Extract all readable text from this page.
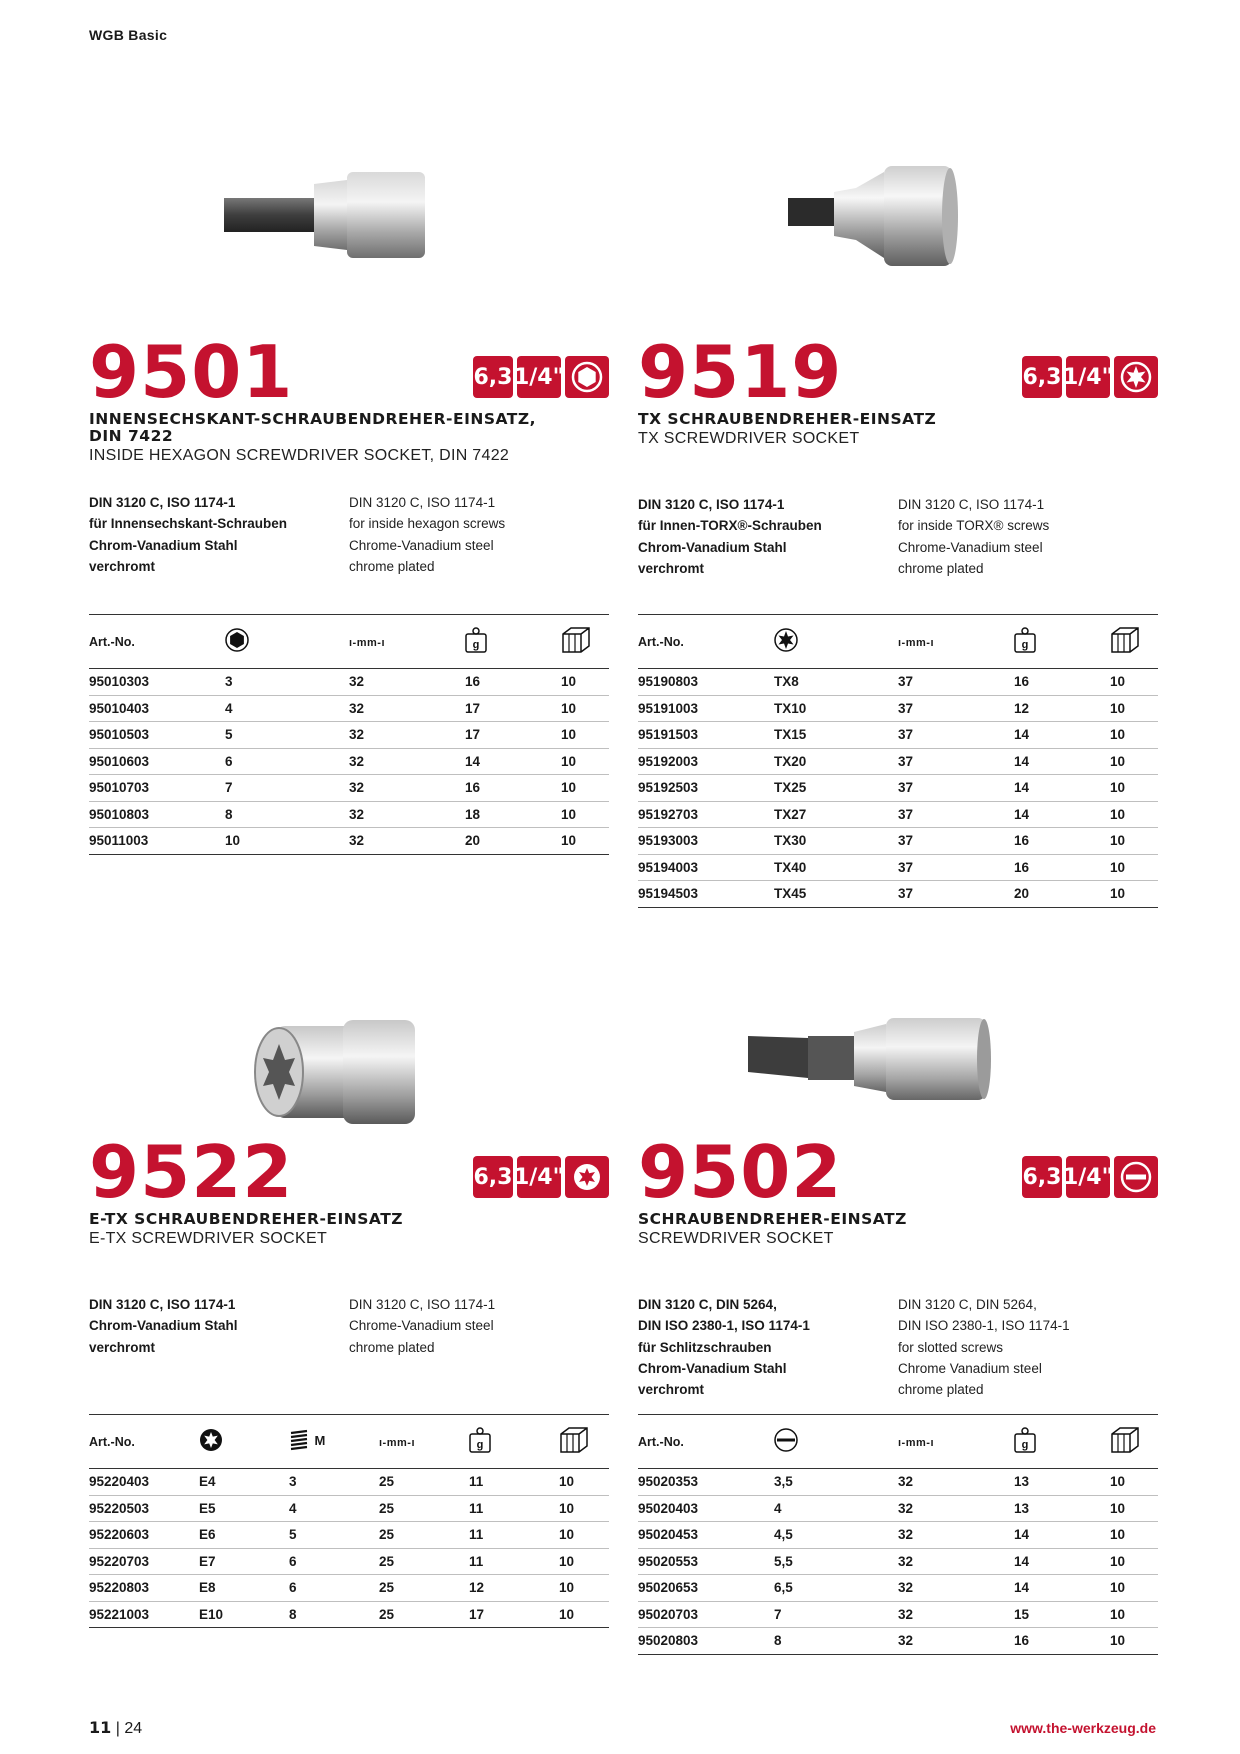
WGB Basic
9501	6,3 1/4"
INNENSECHSKANT-SCHRAUBENDREHER-EINSATZ,
DIN 7422
INSIDE HEXAGON SCREWDRIVER SOCKET, DIN 7422
DIN 3120 C, ISO 1174-1
für Innensechskant-Schrauben
Chrom-Vanadium Stahl
verchromt
DIN 3120 C, ISO 1174-1
for inside hexagon screws
Chrome-Vanadium steel
chrome plated
Art.-No.		ı-mm-ı	g

95010303	3	32	16	10
95010403	4	32	17	10
95010503	5	32	17	10
95010603	6	32	14	10
95010703	7	32	16	10
95010803	8	32	18	10
95011003	10	32	20	10
9519	6,3 1/4"
TX SCHRAUBENDREHER-EINSATZ
TX SCREWDRIVER SOCKET
DIN 3120 C, ISO 1174-1
für Innen-TORX®-Schrauben
Chrom-Vanadium Stahl
verchromt
DIN 3120 C, ISO 1174-1
for inside TORX® screws
Chrome-Vanadium steel
chrome plated
Art.-No.		ı-mm-ı	g

95190803	TX8	37	16	10
95191003	TX10	37	12	10
95191503	TX15	37	14	10
95192003	TX20	37	14	10
95192503	TX25	37	14	10
95192703	TX27	37	14	10
95193003	TX30	37	16	10
95194003	TX40	37	16	10
95194503	TX45	37	20	10
9522	6,3 1/4"
E-TX SCHRAUBENDREHER-EINSATZ
E-TX SCREWDRIVER SOCKET
DIN 3120 C, ISO 1174-1
Chrom-Vanadium Stahl
verchromt
DIN 3120 C, ISO 1174-1
Chrome-Vanadium steel
chrome plated
Art.-No.		M	ı-mm-ı	g

95220403	E4	3	25	11	10
95220503	E5	4	25	11	10
95220603	E6	5	25	11	10
95220703	E7	6	25	11	10
95220803	E8	6	25	12	10
95221003	E10	8	25	17	10
9502	6,3 1/4"
SCHRAUBENDREHER-EINSATZ
SCREWDRIVER SOCKET
DIN 3120 C, DIN 5264,
DIN ISO 2380-1, ISO 1174-1
für Schlitzschrauben
Chrom-Vanadium Stahl
verchromt
DIN 3120 C, DIN 5264,
DIN ISO 2380-1, ISO 1174-1
for slotted screws
Chrome Vanadium steel
chrome plated
Art.-No.		ı-mm-ı	g

95020353	3,5	32	13	10
95020403	4	32	13	10
95020453	4,5	32	14	10
95020553	5,5	32	14	10
95020653	6,5	32	14	10
95020703	7	32	15	10
95020803	8	32	16	10
11 | 24	www.the-werkzeug.de
